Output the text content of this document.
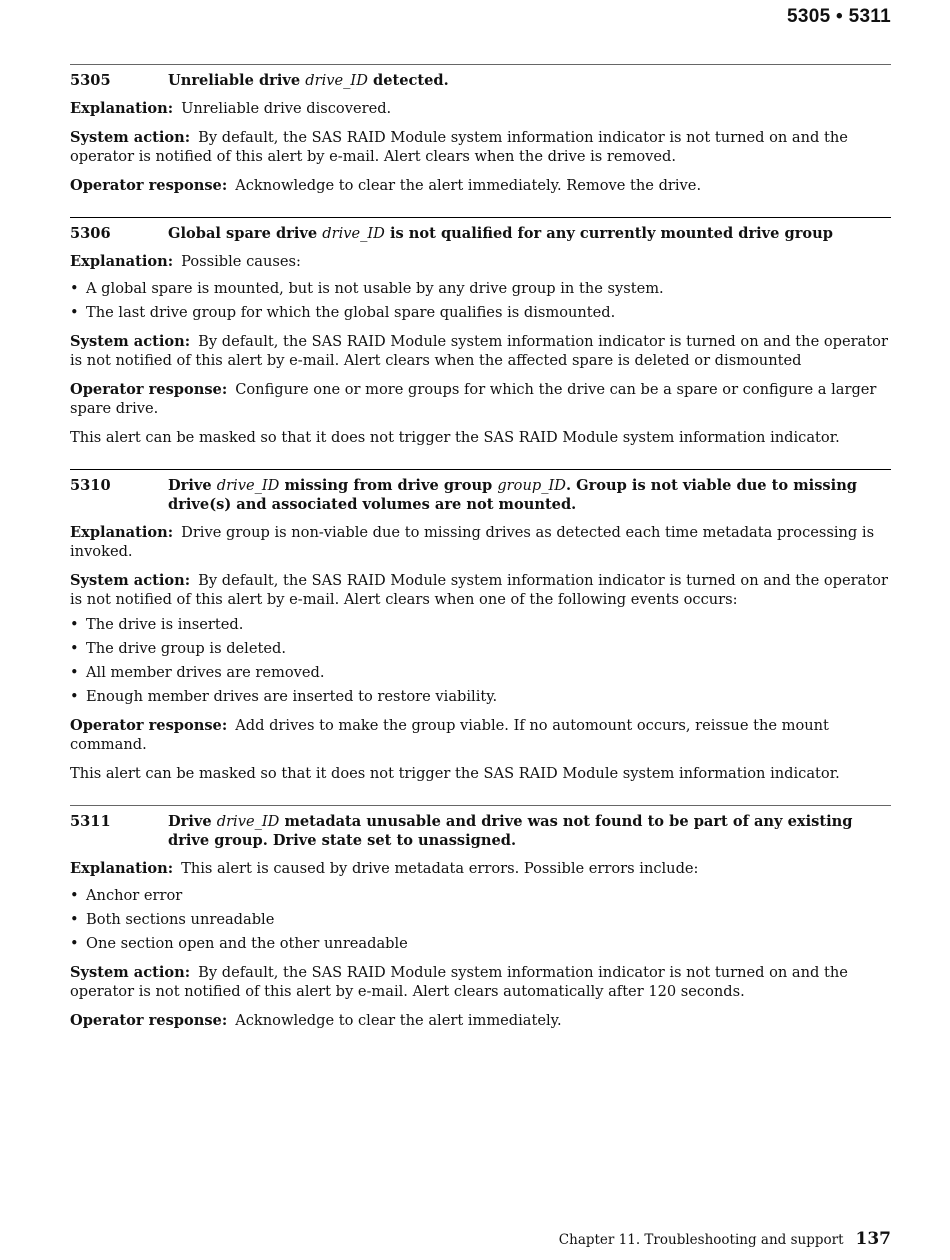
5305 • 5311
5305	Unreliable drive drive_ID detected.

Explanation: Unreliable drive discovered.

System action: By default, the SAS RAID Module system information indicator is not turned on and the operator is notified of this alert by e-mail. Alert clears when the drive is removed.

Operator response: Acknowledge to clear the alert immediately. Remove the drive.

5306	Global spare drive drive_ID is not qualified for any currently mounted drive group

Explanation: Possible causes:

• A global spare is mounted, but is not usable by any drive group in the system.
• The last drive group for which the global spare qualifies is dismounted.

System action: By default, the SAS RAID Module system information indicator is turned on and the operator is not notified of this alert by e-mail. Alert clears when the affected spare is deleted or dismounted

Operator response: Configure one or more groups for which the drive can be a spare or configure a larger spare drive.

This alert can be masked so that it does not trigger the SAS RAID Module system information indicator.

5310	Drive drive_ID missing from drive group group_ID. Group is not viable due to missing drive(s) and associated volumes are not mounted.

Explanation: Drive group is non-viable due to missing drives as detected each time metadata processing is invoked.

System action: By default, the SAS RAID Module system information indicator is turned on and the operator is not notified of this alert by e-mail. Alert clears when one of the following events occurs:

• The drive is inserted.
• The drive group is deleted.
• All member drives are removed.
• Enough member drives are inserted to restore viability.

Operator response: Add drives to make the group viable. If no automount occurs, reissue the mount command.

This alert can be masked so that it does not trigger the SAS RAID Module system information indicator.

5311	Drive drive_ID metadata unusable and drive was not found to be part of any existing drive group. Drive state set to unassigned.

Explanation: This alert is caused by drive metadata errors. Possible errors include:

• Anchor error
• Both sections unreadable
• One section open and the other unreadable

System action: By default, the SAS RAID Module system information indicator is not turned on and the operator is not notified of this alert by e-mail. Alert clears automatically after 120 seconds.

Operator response: Acknowledge to clear the alert immediately.

Chapter 11. Troubleshooting and support 137
